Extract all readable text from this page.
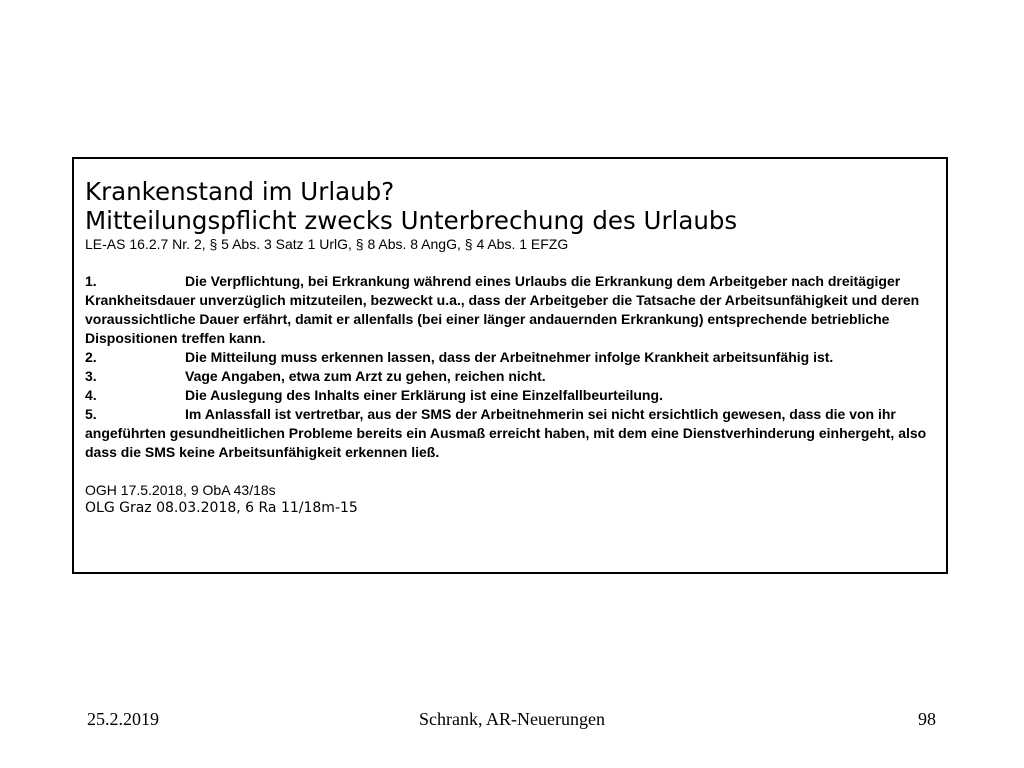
Krankenstand im Urlaub?
Mitteilungspflicht zwecks Unterbrechung des Urlaubs
LE-AS 16.2.7 Nr. 2, § 5 Abs. 3 Satz 1 UrlG, § 8 Abs. 8 AngG, § 4 Abs. 1 EFZG
1.	Die Verpflichtung, bei Erkrankung während eines Urlaubs die Erkrankung dem Arbeitgeber nach dreitägiger Krankheitsdauer unverzüglich mitzuteilen, bezweckt u.a., dass der Arbeitgeber die Tatsache der Arbeitsunfähigkeit und deren voraussichtliche Dauer erfährt, damit er allenfalls (bei einer länger andauernden Erkrankung) entsprechende betriebliche Dispositionen treffen kann.
2.	Die Mitteilung muss erkennen lassen, dass der Arbeitnehmer infolge Krankheit arbeitsunfähig ist.
3.	Vage Angaben, etwa zum Arzt zu gehen, reichen nicht.
4.	Die Auslegung des Inhalts einer Erklärung ist eine Einzelfallbeurteilung.
5.	Im Anlassfall ist vertretbar, aus der SMS der Arbeitnehmerin sei nicht ersichtlich gewesen, dass die von ihr angeführten gesundheitlichen Probleme bereits ein Ausmaß erreicht haben, mit dem eine Dienstverhinderung einhergeht, also dass die SMS keine Arbeitsunfähigkeit erkennen ließ.
OGH 17.5.2018, 9 ObA 43/18s
OLG Graz 08.03.2018, 6 Ra 11/18m-15
25.2.2019	Schrank, AR-Neuerungen	98
